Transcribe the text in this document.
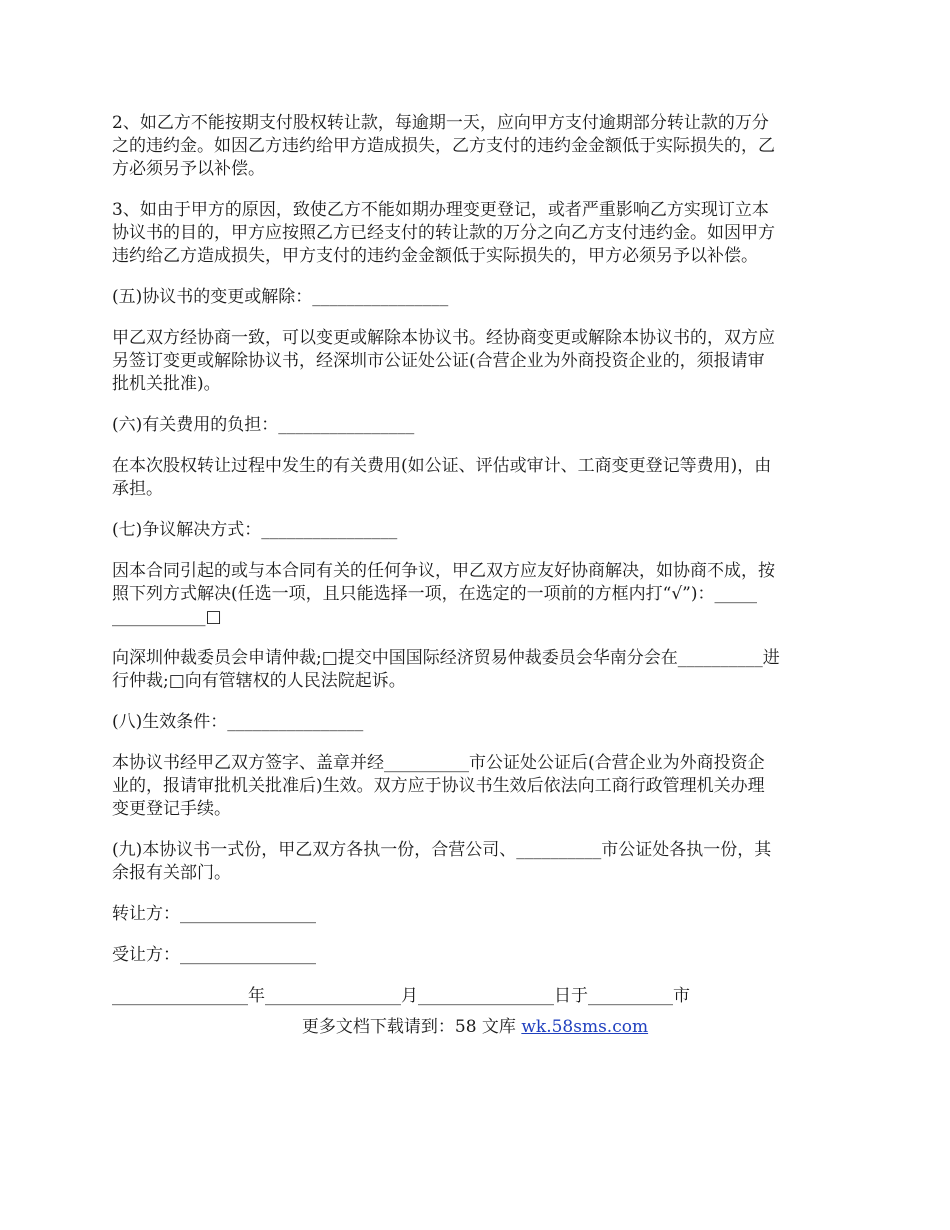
2、如乙方不能按期支付股权转让款，每逾期一天，应向甲方支付逾期部分转让款的万分
之的违约金。如因乙方违约给甲方造成损失，乙方支付的违约金金额低于实际损失的，乙
方必须另予以补偿。

3、如由于甲方的原因，致使乙方不能如期办理变更登记，或者严重影响乙方实现订立本
协议书的目的，甲方应按照乙方已经支付的转让款的万分之向乙方支付违约金。如因甲方
违约给乙方造成损失，甲方支付的违约金金额低于实际损失的，甲方必须另予以补偿。

(五)协议书的变更或解除：________________

甲乙双方经协商一致，可以变更或解除本协议书。经协商变更或解除本协议书的，双方应
另签订变更或解除协议书，经深圳市公证处公证(合营企业为外商投资企业的，须报请审
批机关批准)。

(六)有关费用的负担：________________

在本次股权转让过程中发生的有关费用(如公证、评估或审计、工商变更登记等费用)，由
承担。

(七)争议解决方式：________________

因本合同引起的或与本合同有关的任何争议，甲乙双方应友好协商解决，如协商不成，按
照下列方式解决(任选一项，且只能选择一项，在选定的一项前的方框内打“√”)：_____
___________□

向深圳仲裁委员会申请仲裁;□提交中国国际经济贸易仲裁委员会华南分会在__________进
行仲裁;□向有管辖权的人民法院起诉。

(八)生效条件：________________

本协议书经甲乙双方签字、盖章并经__________市公证处公证后(合营企业为外商投资企
业的，报请审批机关批准后)生效。双方应于协议书生效后依法向工商行政管理机关办理
变更登记手续。

(九)本协议书一式份，甲乙双方各执一份，合营公司、__________市公证处各执一份，其
余报有关部门。

转让方：________________

受让方：________________

________________年________________月________________日于__________市

更多文档下载请到：58 文库 wk.58sms.com
